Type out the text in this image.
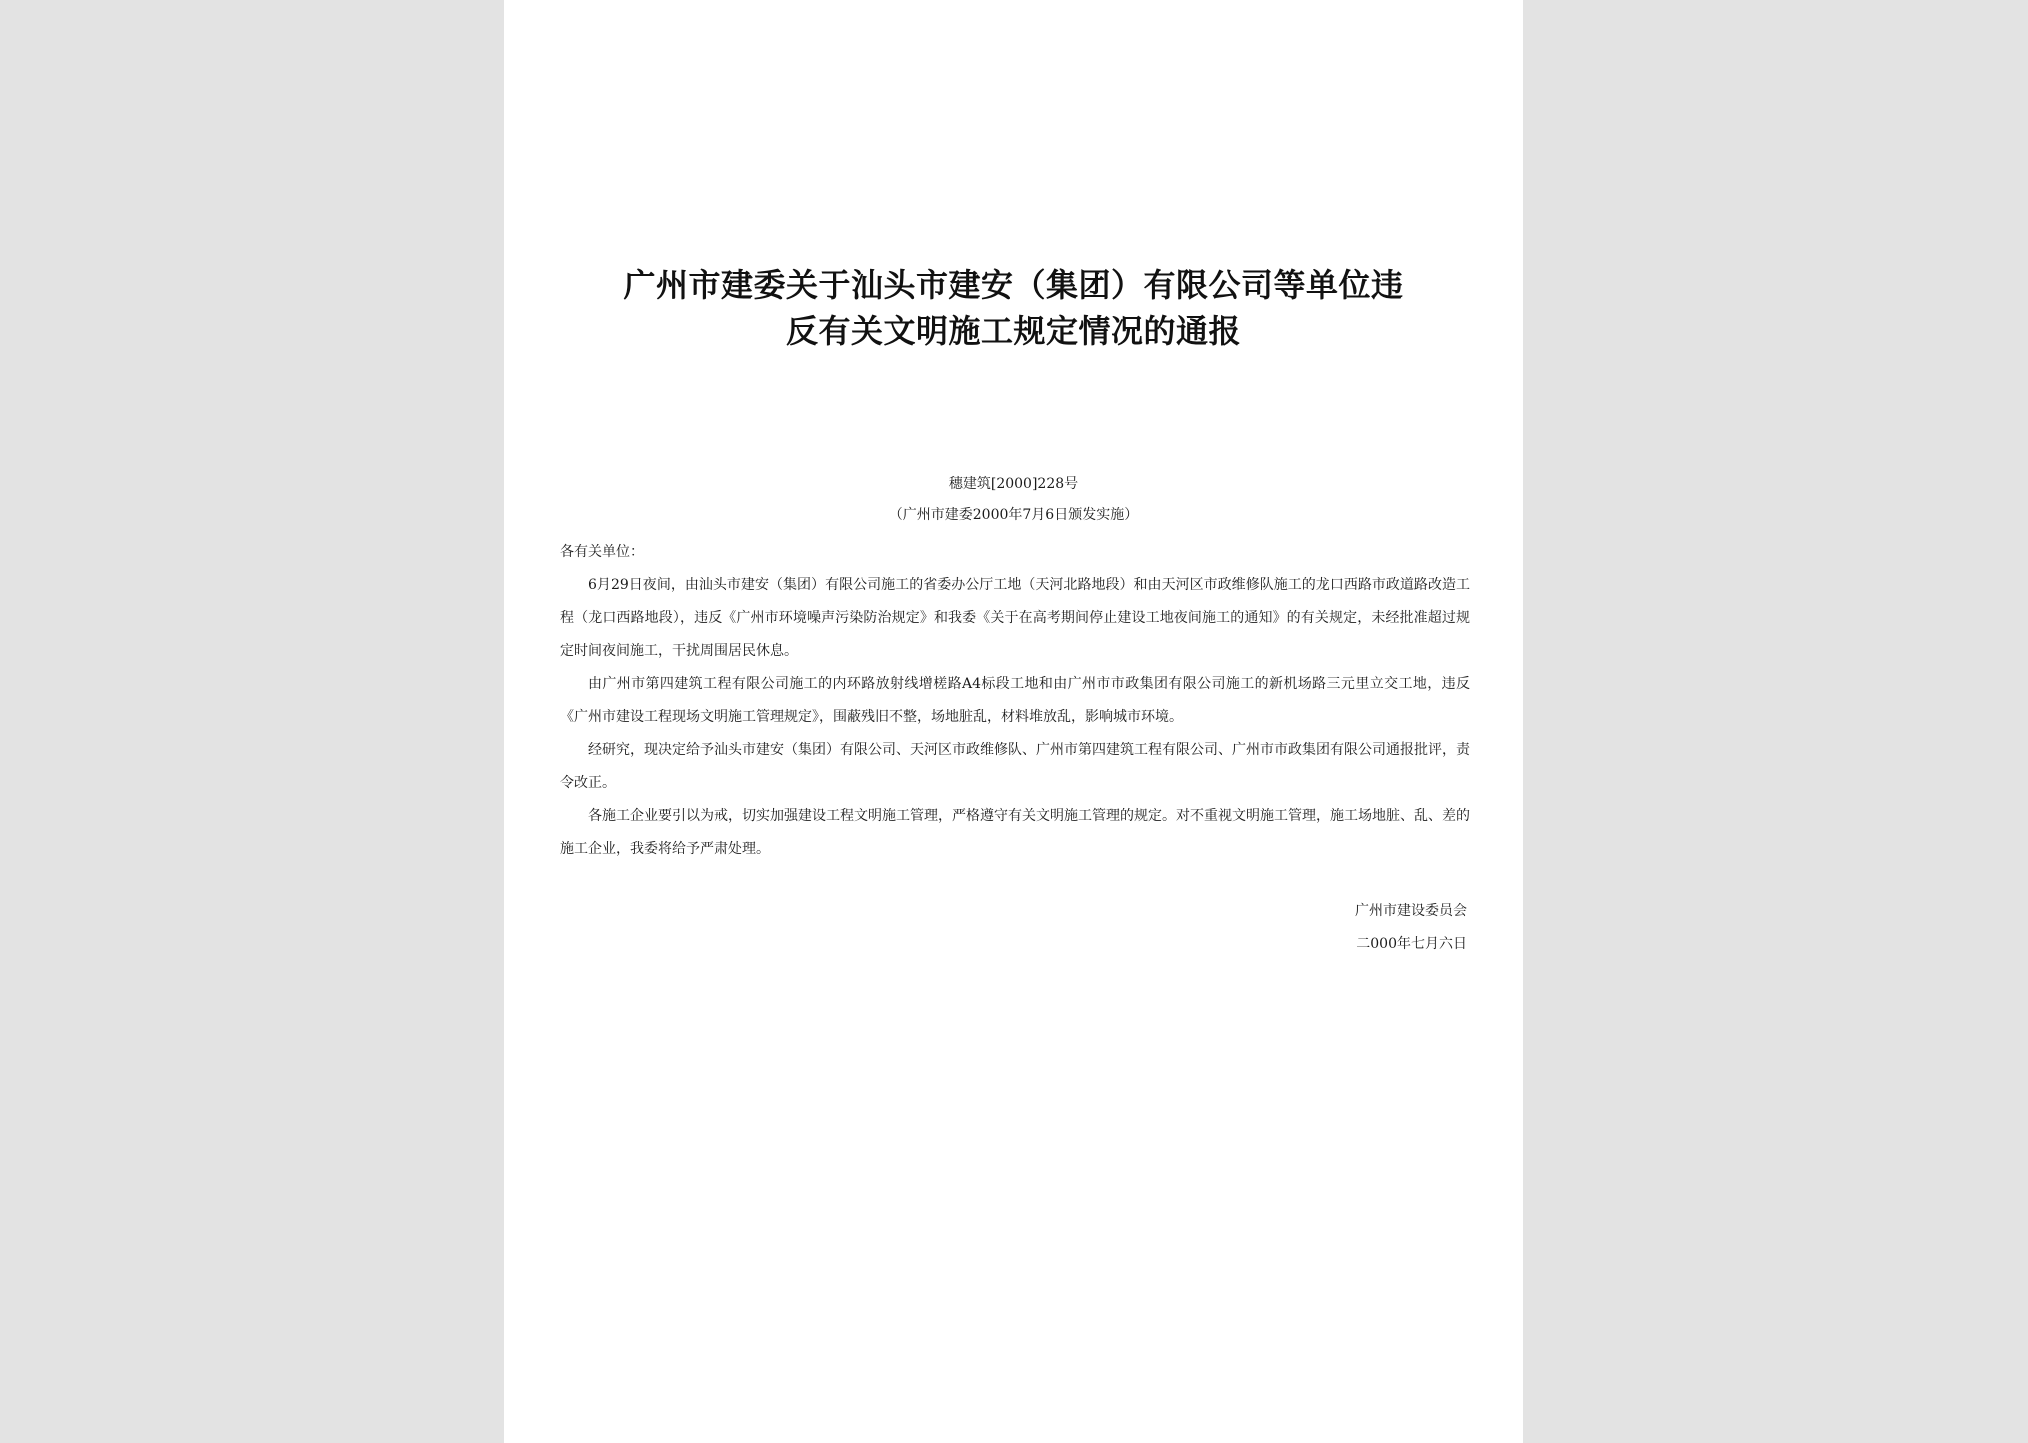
广州市建委关于汕头市建安（集团）有限公司等单位违
反有关文明施工规定情况的通报
穗建筑[2000]228号
（广州市建委2000年7月6日颁发实施）

各有关单位：

6月29日夜间，由汕头市建安（集团）有限公司施工的省委办公厅工地（天河北路地段）和由天河区市政维修队施工的龙口西路市政道路改造工程（龙口西路地段），违反《广州市环境噪声污染防治规定》和我委《关于在高考期间停止建设工地夜间施工的通知》的有关规定，未经批准超过规定时间夜间施工，干扰周围居民休息。

由广州市第四建筑工程有限公司施工的内环路放射线增槎路A4标段工地和由广州市市政集团有限公司施工的新机场路三元里立交工地，违反《广州市建设工程现场文明施工管理规定》，围蔽残旧不整，场地脏乱，材料堆放乱，影响城市环境。

经研究，现决定给予汕头市建安（集团）有限公司、天河区市政维修队、广州市第四建筑工程有限公司、广州市市政集团有限公司通报批评，责令改正。

各施工企业要引以为戒，切实加强建设工程文明施工管理，严格遵守有关文明施工管理的规定。对不重视文明施工管理，施工场地脏、乱、差的施工企业，我委将给予严肃处理。

广州市建设委员会
二000年七月六日
